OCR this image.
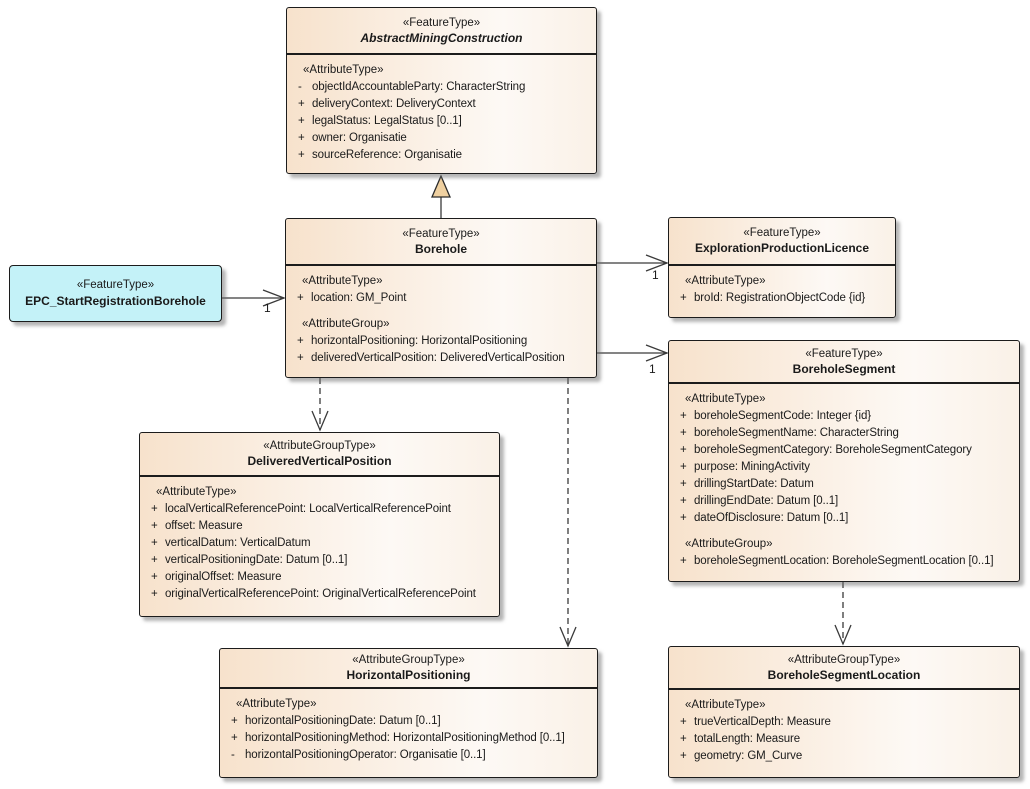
«FeatureType»
AbstractMiningConstruction
«AttributeType»
- objectIdAccountableParty: CharacterString
+ deliveryContext: DeliveryContext
+ legalStatus: LegalStatus [0..1]
+ owner: Organisatie
+ sourceReference: Organisatie
«FeatureType»
Borehole
«AttributeType»
+ location: GM_Point
«AttributeGroup»
+ horizontalPositioning: HorizontalPositioning
+ deliveredVerticalPosition: DeliveredVerticalPosition
«FeatureType»
EPC_StartRegistrationBorehole
«FeatureType»
ExplorationProductionLicence
«AttributeType»
+ broId: RegistrationObjectCode {id}
«FeatureType»
BoreholeSegment
«AttributeType»
+ boreholeSegmentCode: Integer {id}
+ boreholeSegmentName: CharacterString
+ boreholeSegmentCategory: BoreholeSegmentCategory
+ purpose: MiningActivity
+ drillingStartDate: Datum
+ drillingEndDate: Datum [0..1]
+ dateOfDisclosure: Datum [0..1]
«AttributeGroup»
+ boreholeSegmentLocation: BoreholeSegmentLocation [0..1]
«AttributeGroupType»
DeliveredVerticalPosition
«AttributeType»
+ localVerticalReferencePoint: LocalVerticalReferencePoint
+ offset: Measure
+ verticalDatum: VerticalDatum
+ verticalPositioningDate: Datum [0..1]
+ originalOffset: Measure
+ originalVerticalReferencePoint: OriginalVerticalReferencePoint
«AttributeGroupType»
HorizontalPositioning
«AttributeType»
+ horizontalPositioningDate: Datum [0..1]
+ horizontalPositioningMethod: HorizontalPositioningMethod [0..1]
- horizontalPositioningOperator: Organisatie [0..1]
«AttributeGroupType»
BoreholeSegmentLocation
«AttributeType»
+ trueVerticalDepth: Measure
+ totalLength: Measure
+ geometry: GM_Curve
1
1
1
